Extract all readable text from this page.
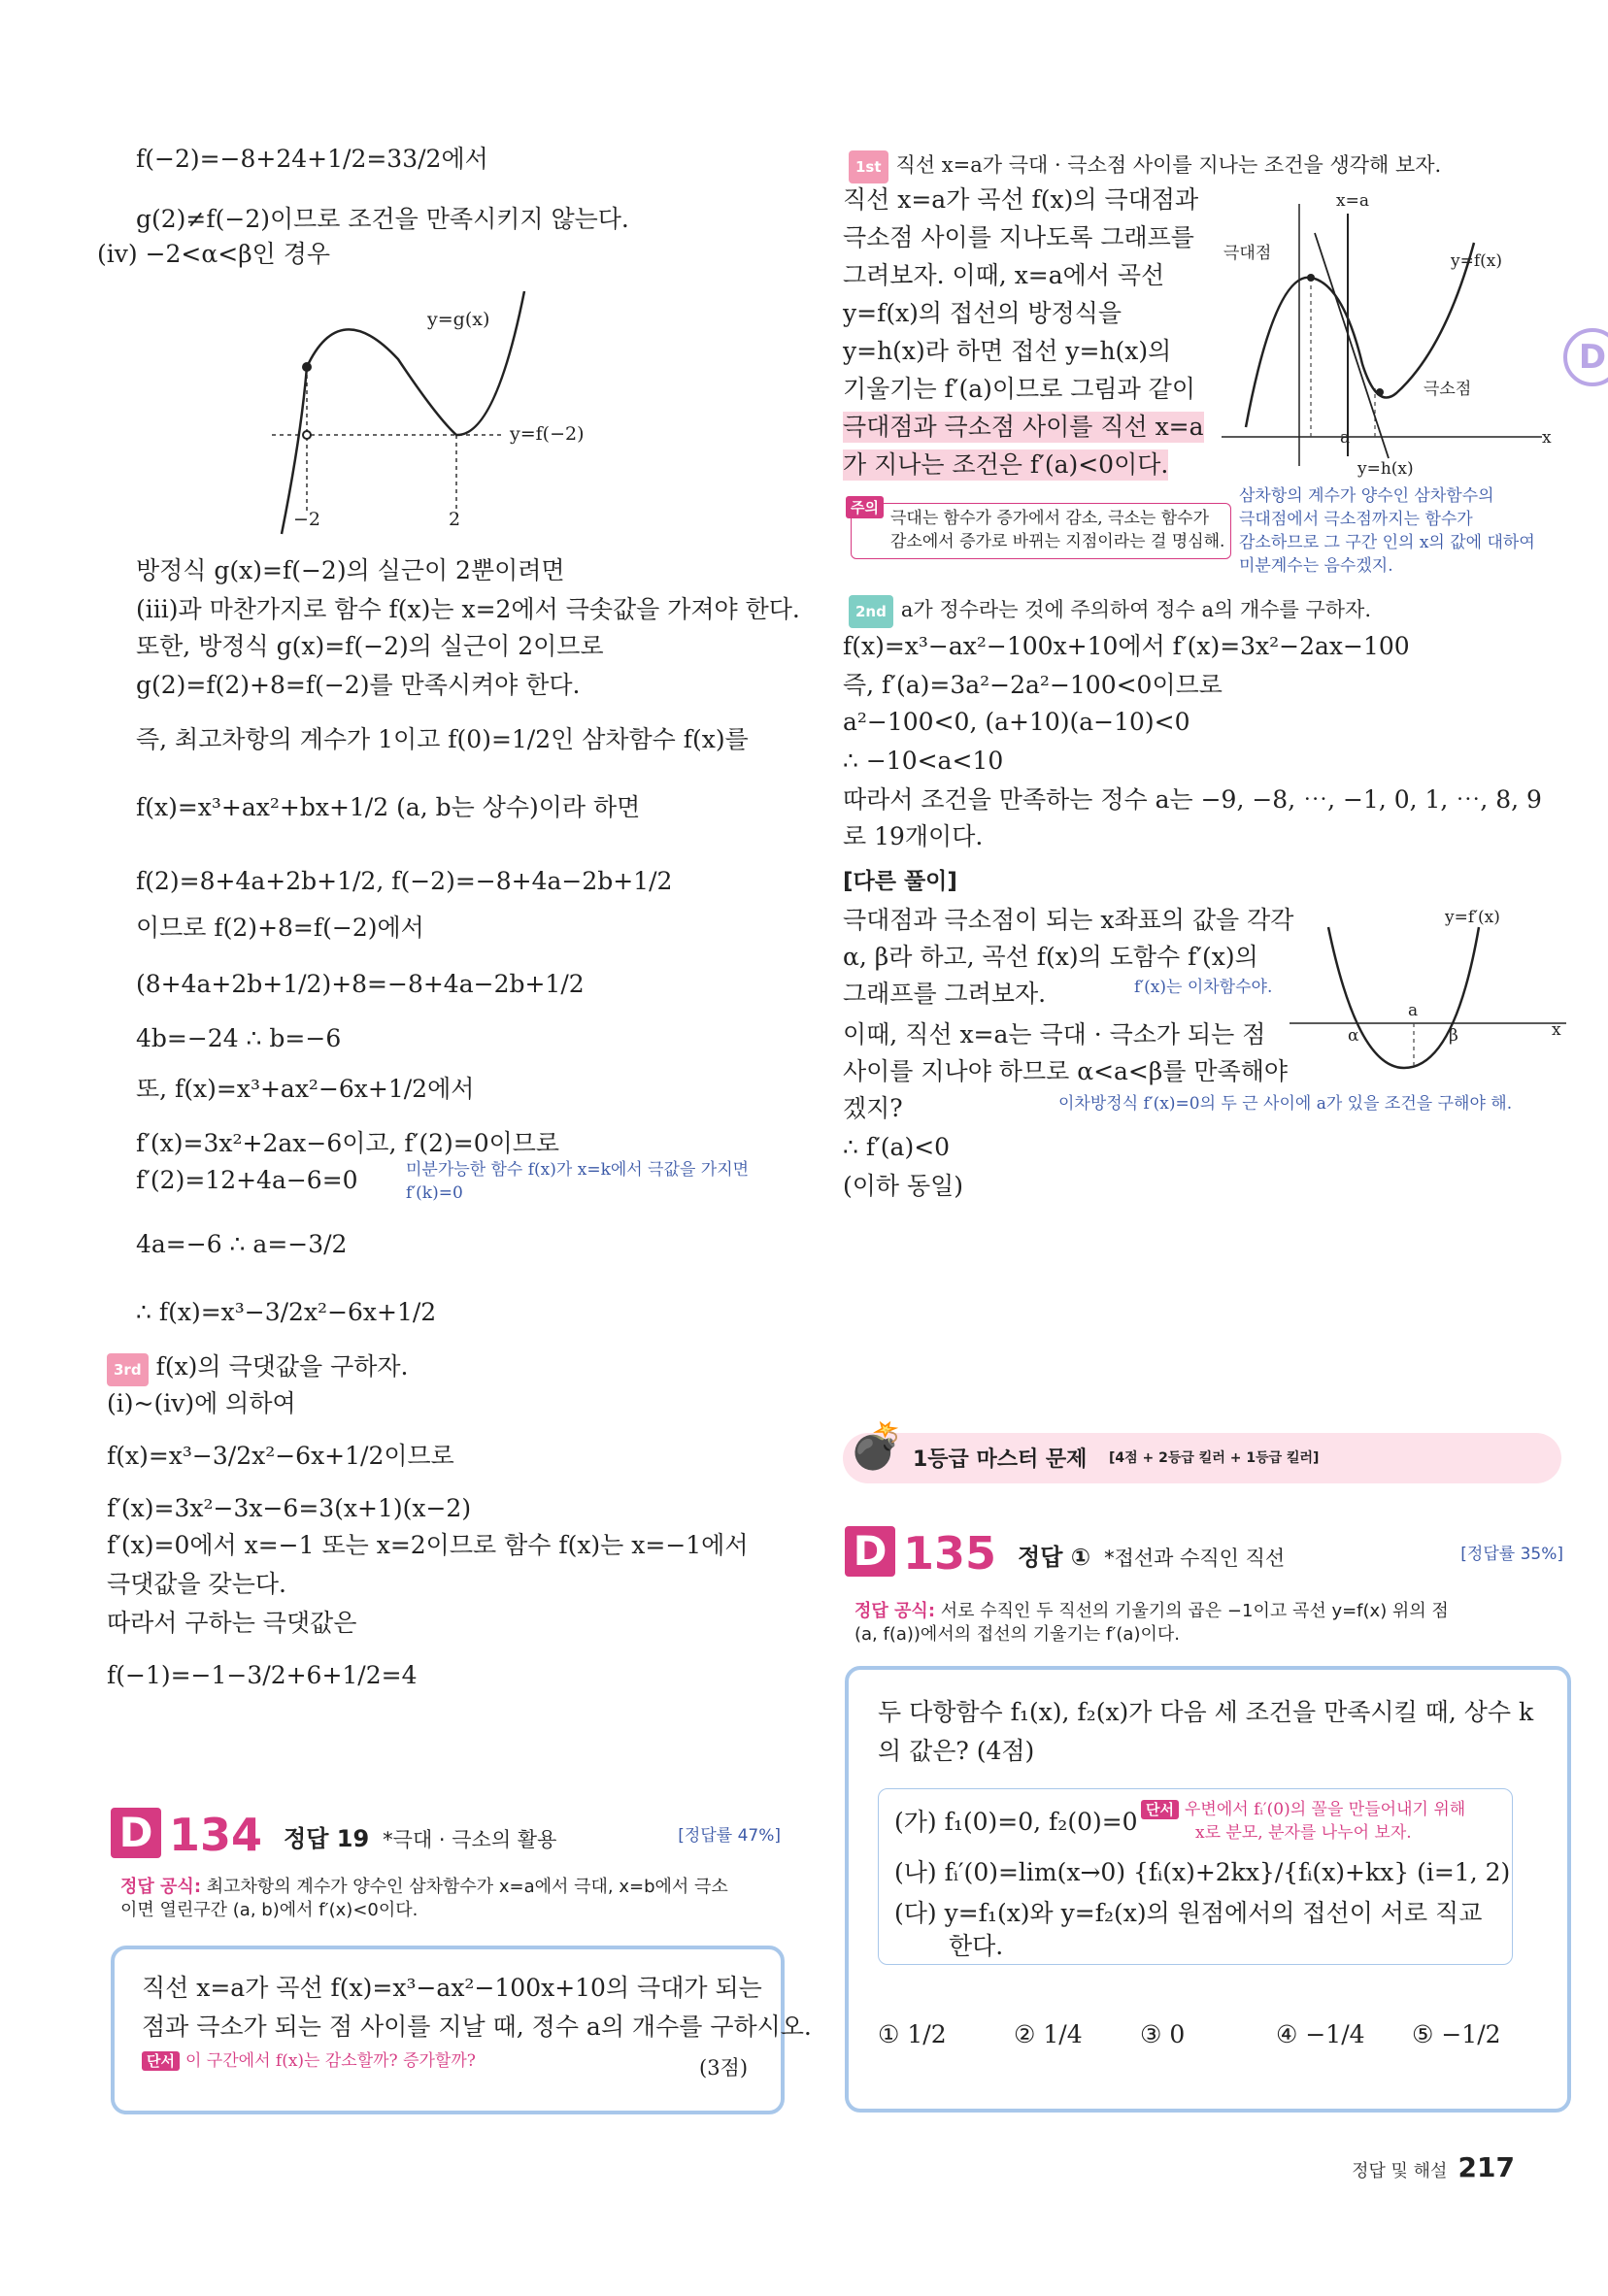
f(−2)=−8+24+1/2=33/2에서
g(2)≠f(−2)이므로 조건을 만족시키지 않는다.
(iv) −2<α<β인 경우
y=g(x)
y=f(−2)
−2	2
방정식 g(x)=f(−2)의 실근이 2뿐이려면
(iii)과 마찬가지로 함수 f(x)는 x=2에서 극솟값을 가져야 한다.
또한, 방정식 g(x)=f(−2)의 실근이 2이므로
g(2)=f(2)+8=f(−2)를 만족시켜야 한다.
즉, 최고차항의 계수가 1이고 f(0)=1/2인 삼차함수 f(x)를
f(x)=x³+ax²+bx+1/2 (a, b는 상수)이라 하면
f(2)=8+4a+2b+1/2, f(−2)=−8+4a−2b+1/2
이므로 f(2)+8=f(−2)에서
(8+4a+2b+1/2)+8=−8+4a−2b+1/2
4b=−24 ∴ b=−6
또, f(x)=x³+ax²−6x+1/2에서
f′(x)=3x²+2ax−6이고, f′(2)=0이므로
f′(2)=12+4a−6=0	미분가능한 함수 f(x)가 x=k에서 극값을 가지면
f′(k)=0
4a=−6 ∴ a=−3/2
∴ f(x)=x³−3/2x²−6x+1/2
3rd f(x)의 극댓값을 구하자.
(i)~(iv)에 의하여
f(x)=x³−3/2x²−6x+1/2이므로
f′(x)=3x²−3x−6=3(x+1)(x−2)
f′(x)=0에서 x=−1 또는 x=2이므로 함수 f(x)는 x=−1에서
극댓값을 갖는다.
따라서 구하는 극댓값은
f(−1)=−1−3/2+6+1/2=4
D 134 정답 19 *극대 · 극소의 활용	[정답률 47%]
정답 공식: 최고차항의 계수가 양수인 삼차함수가 x=a에서 극대, x=b에서 극소
이면 열린구간 (a, b)에서 f′(x)<0이다.
직선 x=a가 곡선 f(x)=x³−ax²−100x+10의 극대가 되는
점과 극소가 되는 점 사이를 지날 때, 정수 a의 개수를 구하시오.
단서 이 구간에서 f(x)는 감소할까? 증가할까?	(3점)
1st 직선 x=a가 극대 · 극소점 사이를 지나는 조건을 생각해 보자.
직선 x=a가 곡선 f(x)의 극대점과
극소점 사이를 지나도록 그래프를
그려보자. 이때, x=a에서 곡선
y=f(x)의 접선의 방정식을
y=h(x)라 하면 접선 y=h(x)의
기울기는 f′(a)이므로 그림과 같이
극대점과 극소점 사이를 직선 x=a
가 지나는 조건은 f′(a)<0이다.
x=a
y=f(x)
극대점
극소점
a	x
y=h(x)
삼차항의 계수가 양수인 삼차함수의
극대점에서 극소점까지는 함수가
감소하므로 그 구간 인의 x의 값에 대하여
미분계수는 음수겠지.
주의
극대는 함수가 증가에서 감소, 극소는 함수가
감소에서 증가로 바뀌는 지점이라는 걸 명심해.
2nd a가 정수라는 것에 주의하여 정수 a의 개수를 구하자.
f(x)=x³−ax²−100x+10에서 f′(x)=3x²−2ax−100
즉, f′(a)=3a²−2a²−100<0이므로
a²−100<0, (a+10)(a−10)<0
∴ −10<a<10
따라서 조건을 만족하는 정수 a는 −9, −8, ⋯, −1, 0, 1, ⋯, 8, 9
로 19개이다.
[다른 풀이]
극대점과 극소점이 되는 x좌표의 값을 각각
α, β라 하고, 곡선 f(x)의 도함수 f′(x)의
f′(x)는 이차함수야.
그래프를 그려보자.
이때, 직선 x=a는 극대 · 극소가 되는 점
사이를 지나야 하므로 α<a<β를 만족해야
겠지?	이차방정식 f′(x)=0의 두 근 사이에 a가 있을 조건을 구해야 해.
∴ f′(a)<0
(이하 동일)
y=f′(x)
a
α	β	x
D
💣 1등급 마스터 문제 [4점 + 2등급 킬러 + 1등급 킬러]
D 135 정답 ① *접선과 수직인 직선	[정답률 35%]
정답 공식: 서로 수직인 두 직선의 기울기의 곱은 −1이고 곡선 y=f(x) 위의 점
(a, f(a))에서의 접선의 기울기는 f′(a)이다.
두 다항함수 f₁(x), f₂(x)가 다음 세 조건을 만족시킬 때, 상수 k
의 값은? (4점)
(가) f₁(0)=0, f₂(0)=0 단서 우변에서 fᵢ′(0)의 꼴을 만들어내기 위해
x로 분모, 분자를 나누어 보자.
(나) fᵢ′(0)=lim(x→0) {fᵢ(x)+2kx}/{fᵢ(x)+kx} (i=1, 2)
(다) y=f₁(x)와 y=f₂(x)의 원점에서의 접선이 서로 직교
한다.
① 1/2	② 1/4 ③ 0	④ −1/4 ⑤ −1/2
정답 및 해설 217
